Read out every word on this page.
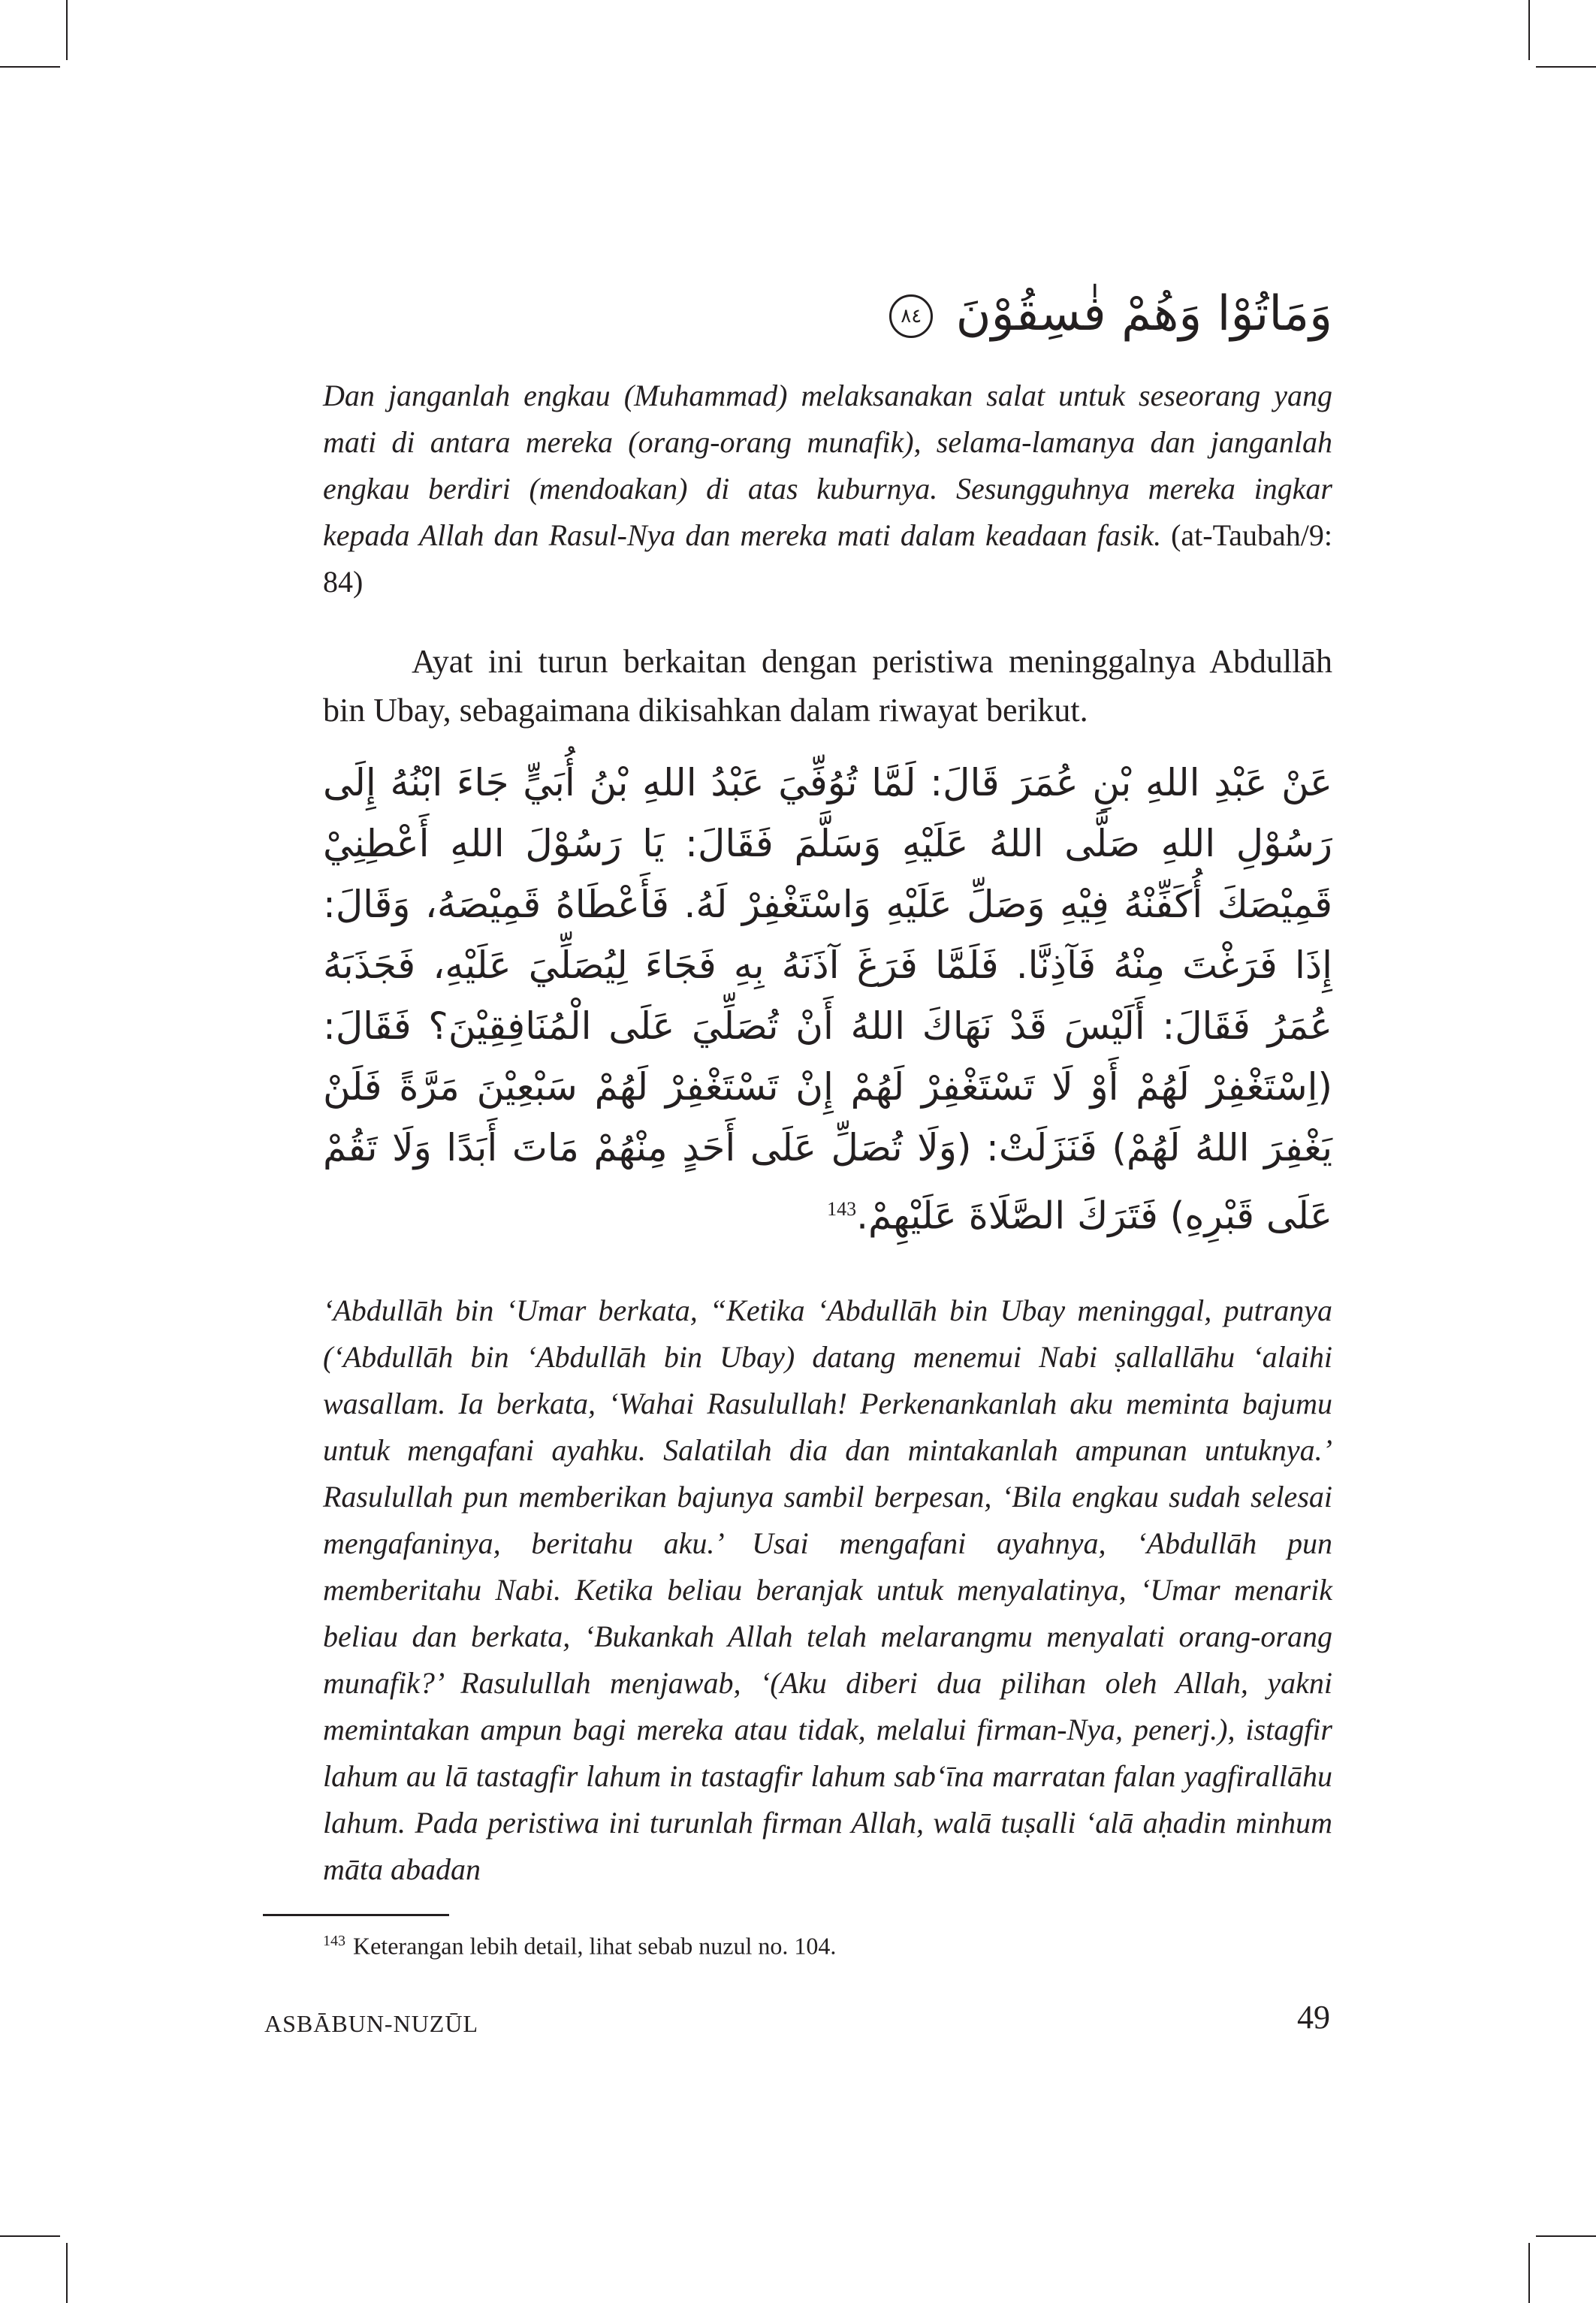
وَمَاتُوْا وَهُمْ فٰسِقُوْنَ ٨٤

Dan janganlah engkau (Muhammad) melaksanakan salat untuk seseorang yang mati di antara mereka (orang-orang munafik), selama-lamanya dan janganlah engkau berdiri (mendoakan) di atas kuburnya. Sesungguhnya mereka ingkar kepada Allah dan Rasul-Nya dan mereka mati dalam keadaan fasik. (at-Taubah/9: 84)

Ayat ini turun berkaitan dengan peristiwa meninggalnya Abdullāh bin Ubay, sebagaimana dikisahkan dalam riwayat berikut.

عَنْ عَبْدِ اللهِ بْنِ عُمَرَ قَالَ: لَمَّا تُوُفِّيَ عَبْدُ اللهِ بْنُ أُبَيٍّ جَاءَ ابْنُهُ إِلَى رَسُوْلِ اللهِ صَلَّى اللهُ عَلَيْهِ وَسَلَّمَ فَقَالَ: يَا رَسُوْلَ اللهِ أَعْطِنِيْ قَمِيْصَكَ أُكَفِّنْهُ فِيْهِ وَصَلِّ عَلَيْهِ وَاسْتَغْفِرْ لَهُ. فَأَعْطَاهُ قَمِيْصَهُ، وَقَالَ: إِذَا فَرَغْتَ مِنْهُ فَآذِنَّا. فَلَمَّا فَرَغَ آذَنَهُ بِهِ فَجَاءَ لِيُصَلِّيَ عَلَيْهِ، فَجَذَبَهُ عُمَرُ فَقَالَ: أَلَيْسَ قَدْ نَهَاكَ اللهُ أَنْ تُصَلِّيَ عَلَى الْمُنَافِقِيْنَ؟ فَقَالَ: (اِسْتَغْفِرْ لَهُمْ أَوْ لَا تَسْتَغْفِرْ لَهُمْ إِنْ تَسْتَغْفِرْ لَهُمْ سَبْعِيْنَ مَرَّةً فَلَنْ يَغْفِرَ اللهُ لَهُمْ) فَنَزَلَتْ: (وَلَا تُصَلِّ عَلَى أَحَدٍ مِنْهُمْ مَاتَ أَبَدًا وَلَا تَقُمْ عَلَى قَبْرِهِ) فَتَرَكَ الصَّلَاةَ عَلَيْهِمْ.$^{143}$

‘Abdullāh bin ‘Umar berkata, “Ketika ‘Abdullāh bin Ubay meninggal, putranya (‘Abdullāh bin ‘Abdullāh bin Ubay) datang menemui Nabi ṣallallāhu ‘alaihi wasallam. Ia berkata, ‘Wahai Rasulullah! Perkenankanlah aku meminta bajumu untuk mengafani ayahku. Salatilah dia dan mintakanlah ampunan untuknya.’ Rasulullah pun memberikan bajunya sambil berpesan, ‘Bila engkau sudah selesai mengafaninya, beritahu aku.’ Usai mengafani ayahnya, ‘Abdullāh pun memberitahu Nabi. Ketika beliau beranjak untuk menyalatinya, ‘Umar menarik beliau dan berkata, ‘Bukankah Allah telah melarangmu menyalati orang-orang munafik?’ Rasulullah menjawab, ‘(Aku diberi dua pilihan oleh Allah, yakni memintakan ampun bagi mereka atau tidak, melalui firman-Nya, penerj.), istagfir lahum au lā tastagfir lahum in tastagfir lahum sab‘īna marratan falan yagfirallāhu lahum. Pada peristiwa ini turunlah firman Allah, walā tuṣalli ‘alā aḥadin minhum māta abadan

$^{143}$ Keterangan lebih detail, lihat sebab nuzul no. 104.

ASBĀBUN-NUZŪL	49
